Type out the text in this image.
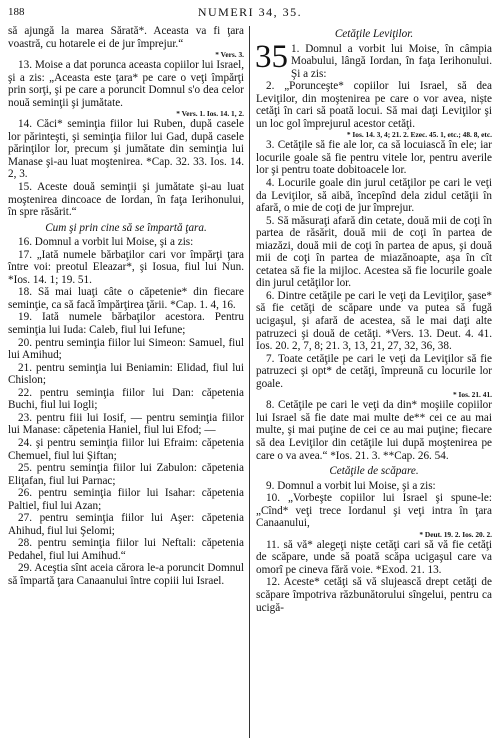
188	NUMERI 34, 35.

să ajungă la marea Sărată*. Aceasta va fi ţara voastră, cu hotarele ei de jur împrejur.“

* Vers. 3.

13. Moise a dat porunca aceasta copiilor lui Israel, şi a zis: „Aceasta este ţara* pe care o veţi împărţi prin sorţi, şi pe care a poruncit Domnul s'o dea celor nouă seminţii şi jumătate.

* Vers. 1. Ios. 14. 1, 2.

14. Căci* seminţia fiilor lui Ruben, după casele lor părinteşti, şi seminţia fiilor lui Gad, după casele părinţilor lor, precum şi jumătate din seminţia lui Manase şi-au luat moştenirea. *Cap. 32. 33. Ios. 14. 2, 3.

15. Aceste două seminţii şi jumătate şi-au luat moştenirea dincoace de Iordan, în faţa Ierihonului, în spre răsărit.“

Cum şi prin cine să se împartă ţara.

16. Domnul a vorbit lui Moise, şi a zis:

17. „Iată numele bărbaţilor cari vor împărţi ţara între voi: preotul Eleazar*, şi Iosua, fiul lui Nun. *Ios. 14. 1; 19. 51.

18. Să mai luaţi câte o căpetenie* din fiecare seminţie, ca să facă împărţirea ţării. *Cap. 1. 4, 16.

19. Iată numele bărbaţilor acestora. Pentru seminţia lui Iuda: Caleb, fiul lui Iefune;

20. pentru seminţia fiilor lui Simeon: Samuel, fiul lui Amihud;

21. pentru seminţia lui Beniamin: Elidad, fiul lui Chislon;

22. pentru seminţia fiilor lui Dan: căpetenia Buchi, fiul lui Iogli;

23. pentru fiii lui Iosif, — pentru seminţia fiilor lui Manase: căpetenia Haniel, fiul lui Efod; —

24. şi pentru seminţia fiilor lui Efraim: căpetenia Chemuel, fiul lui Şiftan;

25. pentru seminţia fiilor lui Zabulon: căpetenia Eliţafan, fiul lui Parnac;

26. pentru seminţia fiilor lui Isahar: căpetenia Paltiel, fiul lui Azan;

27. pentru seminţia fiilor lui Aşer: căpetenia Ahihud, fiul lui Şelomi;

28. pentru seminţia fiilor lui Neftali: căpetenia Pedahel, fiul lui Amihud.“

29. Aceştia sînt aceia cărora le-a poruncit Domnul să împartă ţara Canaanului între copiii lui Israel.

Cetăţile Leviţilor.

35 1. Domnul a vorbit lui Moise, în câmpia Moabului, lângă Iordan, în faţa Ierihonului. Şi a zis:

2. „Porunceşte* copiilor lui Israel, să dea Leviţilor, din moştenirea pe care o vor avea, niște cetăţi în cari să poată locui. Să mai daţi Leviţilor şi un loc gol împrejurul acestor cetăţi.

* Ios. 14. 3, 4; 21. 2. Ezec. 45. 1, etc.; 48. 8, etc.

3. Cetăţile să fie ale lor, ca să locuiască în ele; iar locurile goale să fie pentru vitele lor, pentru averile lor şi pentru toate dobitoacele lor.

4. Locurile goale din jurul cetăţilor pe cari le veţi da Leviţilor, să aibă, începînd dela zidul cetăţii în afară, o mie de coţi de jur împrejur.

5. Să măsuraţi afară din cetate, două mii de coţi în partea de răsărit, două mii de coţi în partea de miazăzi, două mii de coţi în partea de apus, şi două mii de coţi în partea de miazănoapte, aşa în cît cetatea să fie la mijloc. Acestea să fie locurile goale din jurul cetăţilor lor.

6. Dintre cetăţile pe cari le veţi da Leviţilor, şase* să fie cetăţi de scăpare unde va putea să fugă ucigaşul, şi afară de acestea, să le mai daţi alte patruzeci şi două de cetăţi. *Vers. 13. Deut. 4. 41. Ios. 20. 2, 7, 8; 21. 3, 13, 21, 27, 32, 36, 38.

7. Toate cetăţile pe cari le veţi da Leviţilor să fie patruzeci şi opt* de cetăţi, împreună cu locurile lor goale.

* Ios. 21. 41.

8. Cetăţile pe cari le veţi da din* moşiile copiilor lui Israel să fie date mai multe de** cei ce au mai multe, şi mai puţine de cei ce au mai puţine; fiecare să dea Leviţilor din cetăţile lui după moştenirea pe care o va avea.“ *Ios. 21. 3. **Cap. 26. 54.

Cetăţile de scăpare.

9. Domnul a vorbit lui Moise, şi a zis:

10. „Vorbeşte copiilor lui Israel şi spune-le: „Cînd* veţi trece Iordanul şi veţi intra în ţara Canaanului,

* Deut. 19. 2. Ios. 20. 2.

11. să vă* alegeţi niște cetăţi cari să vă fie cetăţi de scăpare, unde să poată scăpa ucigaşul care va omorî pe cineva fără voie. *Exod. 21. 13.

12. Aceste* cetăţi să vă slujească drept cetăţi de scăpare împotriva răzbunătorului sîngelui, pentru ca ucigă-
